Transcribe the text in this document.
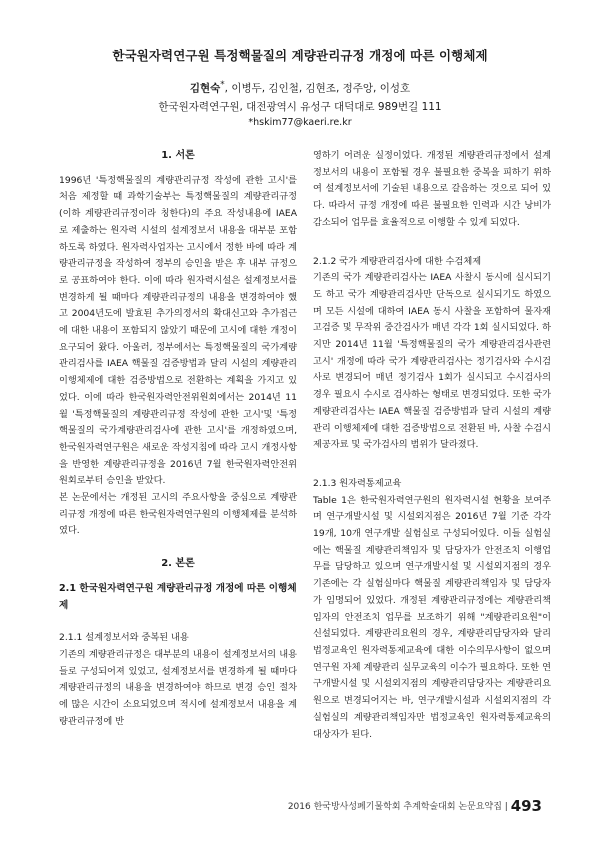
한국원자력연구원 특정핵물질의 계량관리규정 개정에 따른 이행체제
김현숙*, 이병두, 김인철, 김현조, 정주앙, 이성호
한국원자력연구원, 대전광역시 유성구 대덕대로 989번길 111
*hskim77@kaeri.re.kr
1. 서론

1996년 '특정핵물질의 계량관리규정 작성에 관한 고시'를 처음 제정할 때 과학기술부는 특정핵물질의 계량관리규정(이하 계량관리규정이라 칭한다)의 주요 작성내용에 IAEA로 제출하는 원자력 시설의 설계정보서 내용을 대부분 포함하도록 하였다. 원자력사업자는 고시에서 정한 바에 따라 계량관리규정을 작성하여 정부의 승인을 받은 후 내부 규정으로 공표하여야 한다. 이에 따라 원자력시설은 설계정보서를 변경하게 될 때마다 계량관리규정의 내용을 변경하여야 했고 2004년도에 발효된 추가의정서의 확대신고와 추가접근에 대한 내용이 포함되지 않았기 때문에 고시에 대한 개정이 요구되어 왔다. 아울러, 정부에서는 특정핵물질의 국가계량관리검사를 IAEA 핵물질 검증방법과 달리 시설의 계량관리 이행체제에 대한 검증방법으로 전환하는 계획을 가지고 있었다. 이에 따라 한국원자력안전위원회에서는 2014년 11월 '특정핵물질의 계량관리규정 작성에 관한 고시'및 '특정핵물질의 국가계량관리검사에 관한 고시'를 개정하였으며, 한국원자력연구원은 새로운 작성지침에 따라 고시 개정사항을 반영한 계량관리규정을 2016년 7월 한국원자력안전위원회로부터 승인을 받았다.

본 논문에서는 개정된 고시의 주요사항을 중심으로 계량관리규정 개정에 따른 한국원자력연구원의 이행체제를 분석하였다.

2. 본론
2.1 한국원자력연구원 계량관리규정 개정에 따른 이행체제
2.1.1 설계정보서와 중복된 내용

기존의 계량관리규정은 대부분의 내용이 설계정보서의 내용들로 구성되어져 있었고, 설계정보서를 변경하게 될 때마다 계량관리규정의 내용을 변경하여야 하므로 변경 승인 절차에 많은 시간이 소요되었으며 적시에 설계정보서 내용을 계량관리규정에 반

영하기 어려운 실정이었다. 개정된 계량관리규정에서 설계정보서의 내용이 포함될 경우 불필요한 중복을 피하기 위하여 설계정보서에 기술된 내용으로 갈음하는 것으로 되어 있다. 따라서 규정 개정에 따른 불필요한 인력과 시간 낭비가 감소되어 업무를 효율적으로 이행할 수 있게 되었다.

2.1.2 국가 계량관리검사에 대한 수검체제

기존의 국가 계량관리검사는 IAEA 사찰시 동시에 실시되기도 하고 국가 계량관리검사만 단독으로 실시되기도 하였으며 모든 시설에 대하여 IAEA 동시 사찰을 포함하여 물자재고검증 및 무작위 중간검사가 매년 각각 1회 실시되었다. 하지만 2014년 11월 '특정핵물질의 국가 계량관리검사관련 고시' 개정에 따라 국가 계량관리검사는 정기검사와 수시검사로 변경되어 매년 정기검사 1회가 실시되고 수시검사의 경우 필요시 수시로 검사하는 형태로 변경되었다. 또한 국가 계량관리검사는 IAEA 핵물질 검증방법과 달리 시설의 계량관리 이행체제에 대한 검증방법으로 전환된 바, 사찰 수검시 제공자료 및 국가검사의 범위가 달라졌다.

2.1.3 원자력통제교육

Table 1은 한국원자력연구원의 원자력시설 현황을 보여주며 연구개발시설 및 시설외지점은 2016년 7월 기준 각각 19개, 10개 연구개발 실험실로 구성되어있다. 이들 실험실에는 핵물질 계량관리책임자 및 담당자가 안전조치 이행업무를 담당하고 있으며 연구개발시설 및 시설외지점의 경우 기존에는 각 실험실마다 핵물질 계량관리책임자 및 담당자가 임명되어 있었다. 개정된 계량관리규정에는 계량관리책임자의 안전조치 업무를 보조하기 위해 "계량관리요원"이 신설되었다. 계량관리요원의 경우, 계량관리담당자와 달리 법정교육인 원자력통제교육에 대한 이수의무사항이 없으며 연구원 자체 계량관리 실무교육의 이수가 필요하다. 또한 연구개발시설 및 시설외지점의 계량관리담당자는 계량관리요원으로 변경되어지는 바, 연구개발시설과 시설외지점의 각 실험실의 계량관리책임자만 법정교육인 원자력통제교육의 대상자가 된다.

2016 한국방사성폐기물학회 추계학술대회 논문요약집 | 493
